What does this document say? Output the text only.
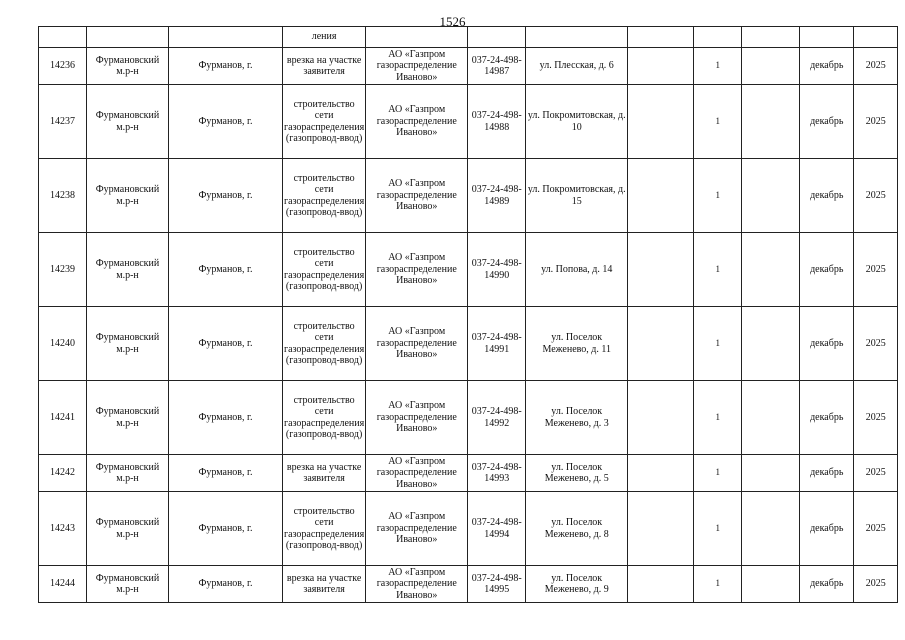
1526
			ления								
14236	Фурмановский м.р-н	Фурманов, г.	врезка на участке заявителя	АО «Газпром газораспределение Иваново»	037-24-498-14987	ул. Плесская, д. 6		1		декабрь	2025
14237	Фурмановский м.р-н	Фурманов, г.	строительство сети газораспределения (газопровод-ввод)	АО «Газпром газораспределение Иваново»	037-24-498-14988	ул. Покромитовская, д. 10		1		декабрь	2025
14238	Фурмановский м.р-н	Фурманов, г.	строительство сети газораспределения (газопровод-ввод)	АО «Газпром газораспределение Иваново»	037-24-498-14989	ул. Покромитовская, д. 15		1		декабрь	2025
14239	Фурмановский м.р-н	Фурманов, г.	строительство сети газораспределения (газопровод-ввод)	АО «Газпром газораспределение Иваново»	037-24-498-14990	ул. Попова, д. 14		1		декабрь	2025
14240	Фурмановский м.р-н	Фурманов, г.	строительство сети газораспределения (газопровод-ввод)	АО «Газпром газораспределение Иваново»	037-24-498-14991	ул. Поселок Меженево, д. 11		1		декабрь	2025
14241	Фурмановский м.р-н	Фурманов, г.	строительство сети газораспределения (газопровод-ввод)	АО «Газпром газораспределение Иваново»	037-24-498-14992	ул. Поселок Меженево, д. 3		1		декабрь	2025
14242	Фурмановский м.р-н	Фурманов, г.	врезка на участке заявителя	АО «Газпром газораспределение Иваново»	037-24-498-14993	ул. Поселок Меженево, д. 5		1		декабрь	2025
14243	Фурмановский м.р-н	Фурманов, г.	строительство сети газораспределения (газопровод-ввод)	АО «Газпром газораспределение Иваново»	037-24-498-14994	ул. Поселок Меженево, д. 8		1		декабрь	2025
14244	Фурмановский м.р-н	Фурманов, г.	врезка на участке заявителя	АО «Газпром газораспределение Иваново»	037-24-498-14995	ул. Поселок Меженево, д. 9		1		декабрь	2025
